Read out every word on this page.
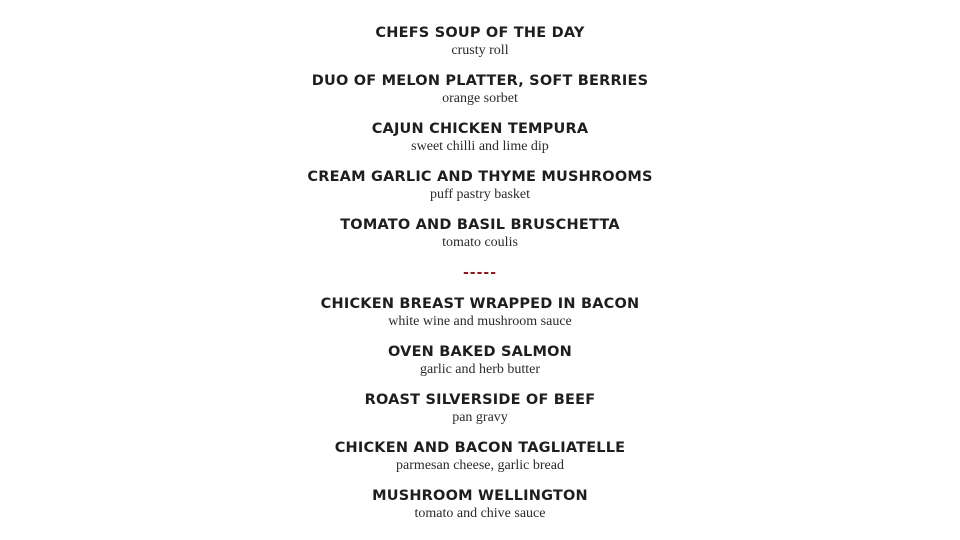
CHEFS SOUP OF THE DAY
crusty roll
DUO OF MELON PLATTER, SOFT BERRIES
orange sorbet
CAJUN CHICKEN TEMPURA
sweet chilli and lime dip
CREAM GARLIC AND THYME MUSHROOMS
puff pastry basket
TOMATO AND BASIL BRUSCHETTA
tomato coulis
-----
CHICKEN BREAST WRAPPED IN BACON
white wine and mushroom sauce
OVEN BAKED SALMON
garlic and herb butter
ROAST SILVERSIDE OF BEEF
pan gravy
CHICKEN AND BACON TAGLIATELLE
parmesan cheese, garlic bread
MUSHROOM WELLINGTON
tomato and chive sauce
